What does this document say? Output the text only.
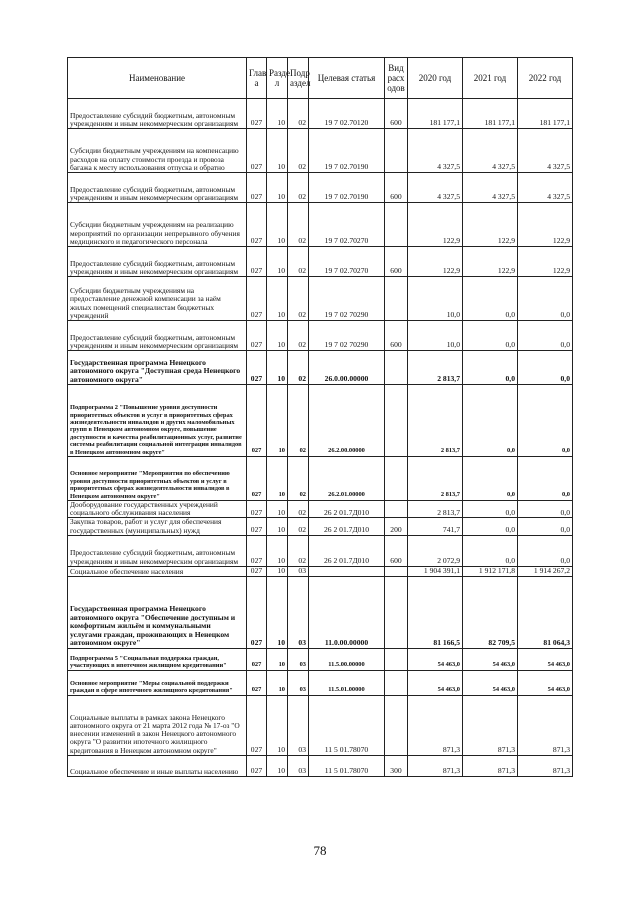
Наименование	Глав а	Разде л	Подр аздел	Целевая статья	Вид расх одов	2020 год	2021 год	2022 год
Предоставление субсидий бюджетным, автономным учреждениям и иным некоммерческим организациям	027	10	02	19 7 02.70120	600	181 177,1	181 177,1	181 177,1
Субсидии бюджетным учреждениям на компенсацию расходов на оплату стоимости проезда и провоза багажа к месту использования отпуска и обратно	027	10	02	19 7 02.70190		4 327,5	4 327,5	4 327,5
Предоставление субсидий бюджетным, автономным учреждениям и иным некоммерческим организациям	027	10	02	19 7 02.70190	600	4 327,5	4 327,5	4 327,5
Субсидии бюджетным учреждениям на реализацию мероприятий по организации непрерывного обучения медицинского и педагогического персонала	027	10	02	19 7 02.70270		122,9	122,9	122,9
Предоставление субсидий бюджетным, автономным учреждениям и иным некоммерческим организациям	027	10	02	19 7 02.70270	600	122,9	122,9	122,9
Субсидии бюджетным учреждениям на предоставление денежной компенсации за наём жилых помещений специалистам бюджетных учреждений	027	10	02	19 7 02 70290		10,0	0,0	0,0
Предоставление субсидий бюджетным, автономным учреждениям и иным некоммерческим организациям	027	10	02	19 7 02 70290	600	10,0	0,0	0,0
Государственная программа Ненецкого автономного округа "Доступная среда Ненецкого автономного округа"	027	10	02	26.0.00.00000		2 813,7	0,0	0,0
Подпрограмма 2 "Повышение уровня доступности приоритетных объектов и услуг в приоритетных сферах жизнедеятельности инвалидов и других маломобильных групп в Ненецком автономном округе, повышение доступности и качества реабилитационных услуг, развитие системы реабилитации социальной интеграции инвалидов в Ненецком автономном округе"	027	10	02	26.2.00.00000		2 813,7	0,0	0,0
Основное мероприятие "Мероприятия по обеспечению уровня доступности приоритетных объектов и услуг в приоритетных сферах жизнедеятельности инвалидов в Ненецком автономном округе"	027	10	02	26.2.01.00000		2 813,7	0,0	0,0
Дооборудование государственных учреждений социального обслуживания населения	027	10	02	26 2 01.7Д010		2 813,7	0,0	0,0
Закупка товаров, работ и услуг для обеспечения государственных (муниципальных) нужд	027	10	02	26 2 01.7Д010	200	741,7	0,0	0,0
Предоставление субсидий бюджетным, автономным учреждениям и иным некоммерческим организациям	027	10	02	26 2 01.7Д010	600	2 072,9	0,0	0,0
Социальное обеспечение населения	027	10	03			1 904 391,1	1 912 171,8	1 914 267,2
Государственная программа Ненецкого автономного округа "Обеспечение доступным и комфортным жильём и коммунальными услугами граждан, проживающих в Ненецком автономном округе"	027	10	03	11.0.00.00000		81 166,5	82 709,5	81 064,3
Подпрограмма 5 "Социальная поддержка граждан, участвующих в ипотечном жилищном кредитовании"	027	10	03	11.5.00.00000		54 463,0	54 463,0	54 463,0
Основное мероприятие "Меры социальной поддержки граждан в сфере ипотечного жилищного кредитования"	027	10	03	11.5.01.00000		54 463,0	54 463,0	54 463,0
Социальные выплаты в рамках закона Ненецкого автономного округа от 21 марта 2012 года № 17-оз "О внесении изменений в закон Ненецкого автономного округа "О развитии ипотечного жилищного кредитования в Ненецком автономном округе"	027	10	03	11 5 01.78070		871,3	871,3	871,3
Социальное обеспечение и иные выплаты населению	027	10	03	11 5 01.78070	300	871,3	871,3	871,3
78
